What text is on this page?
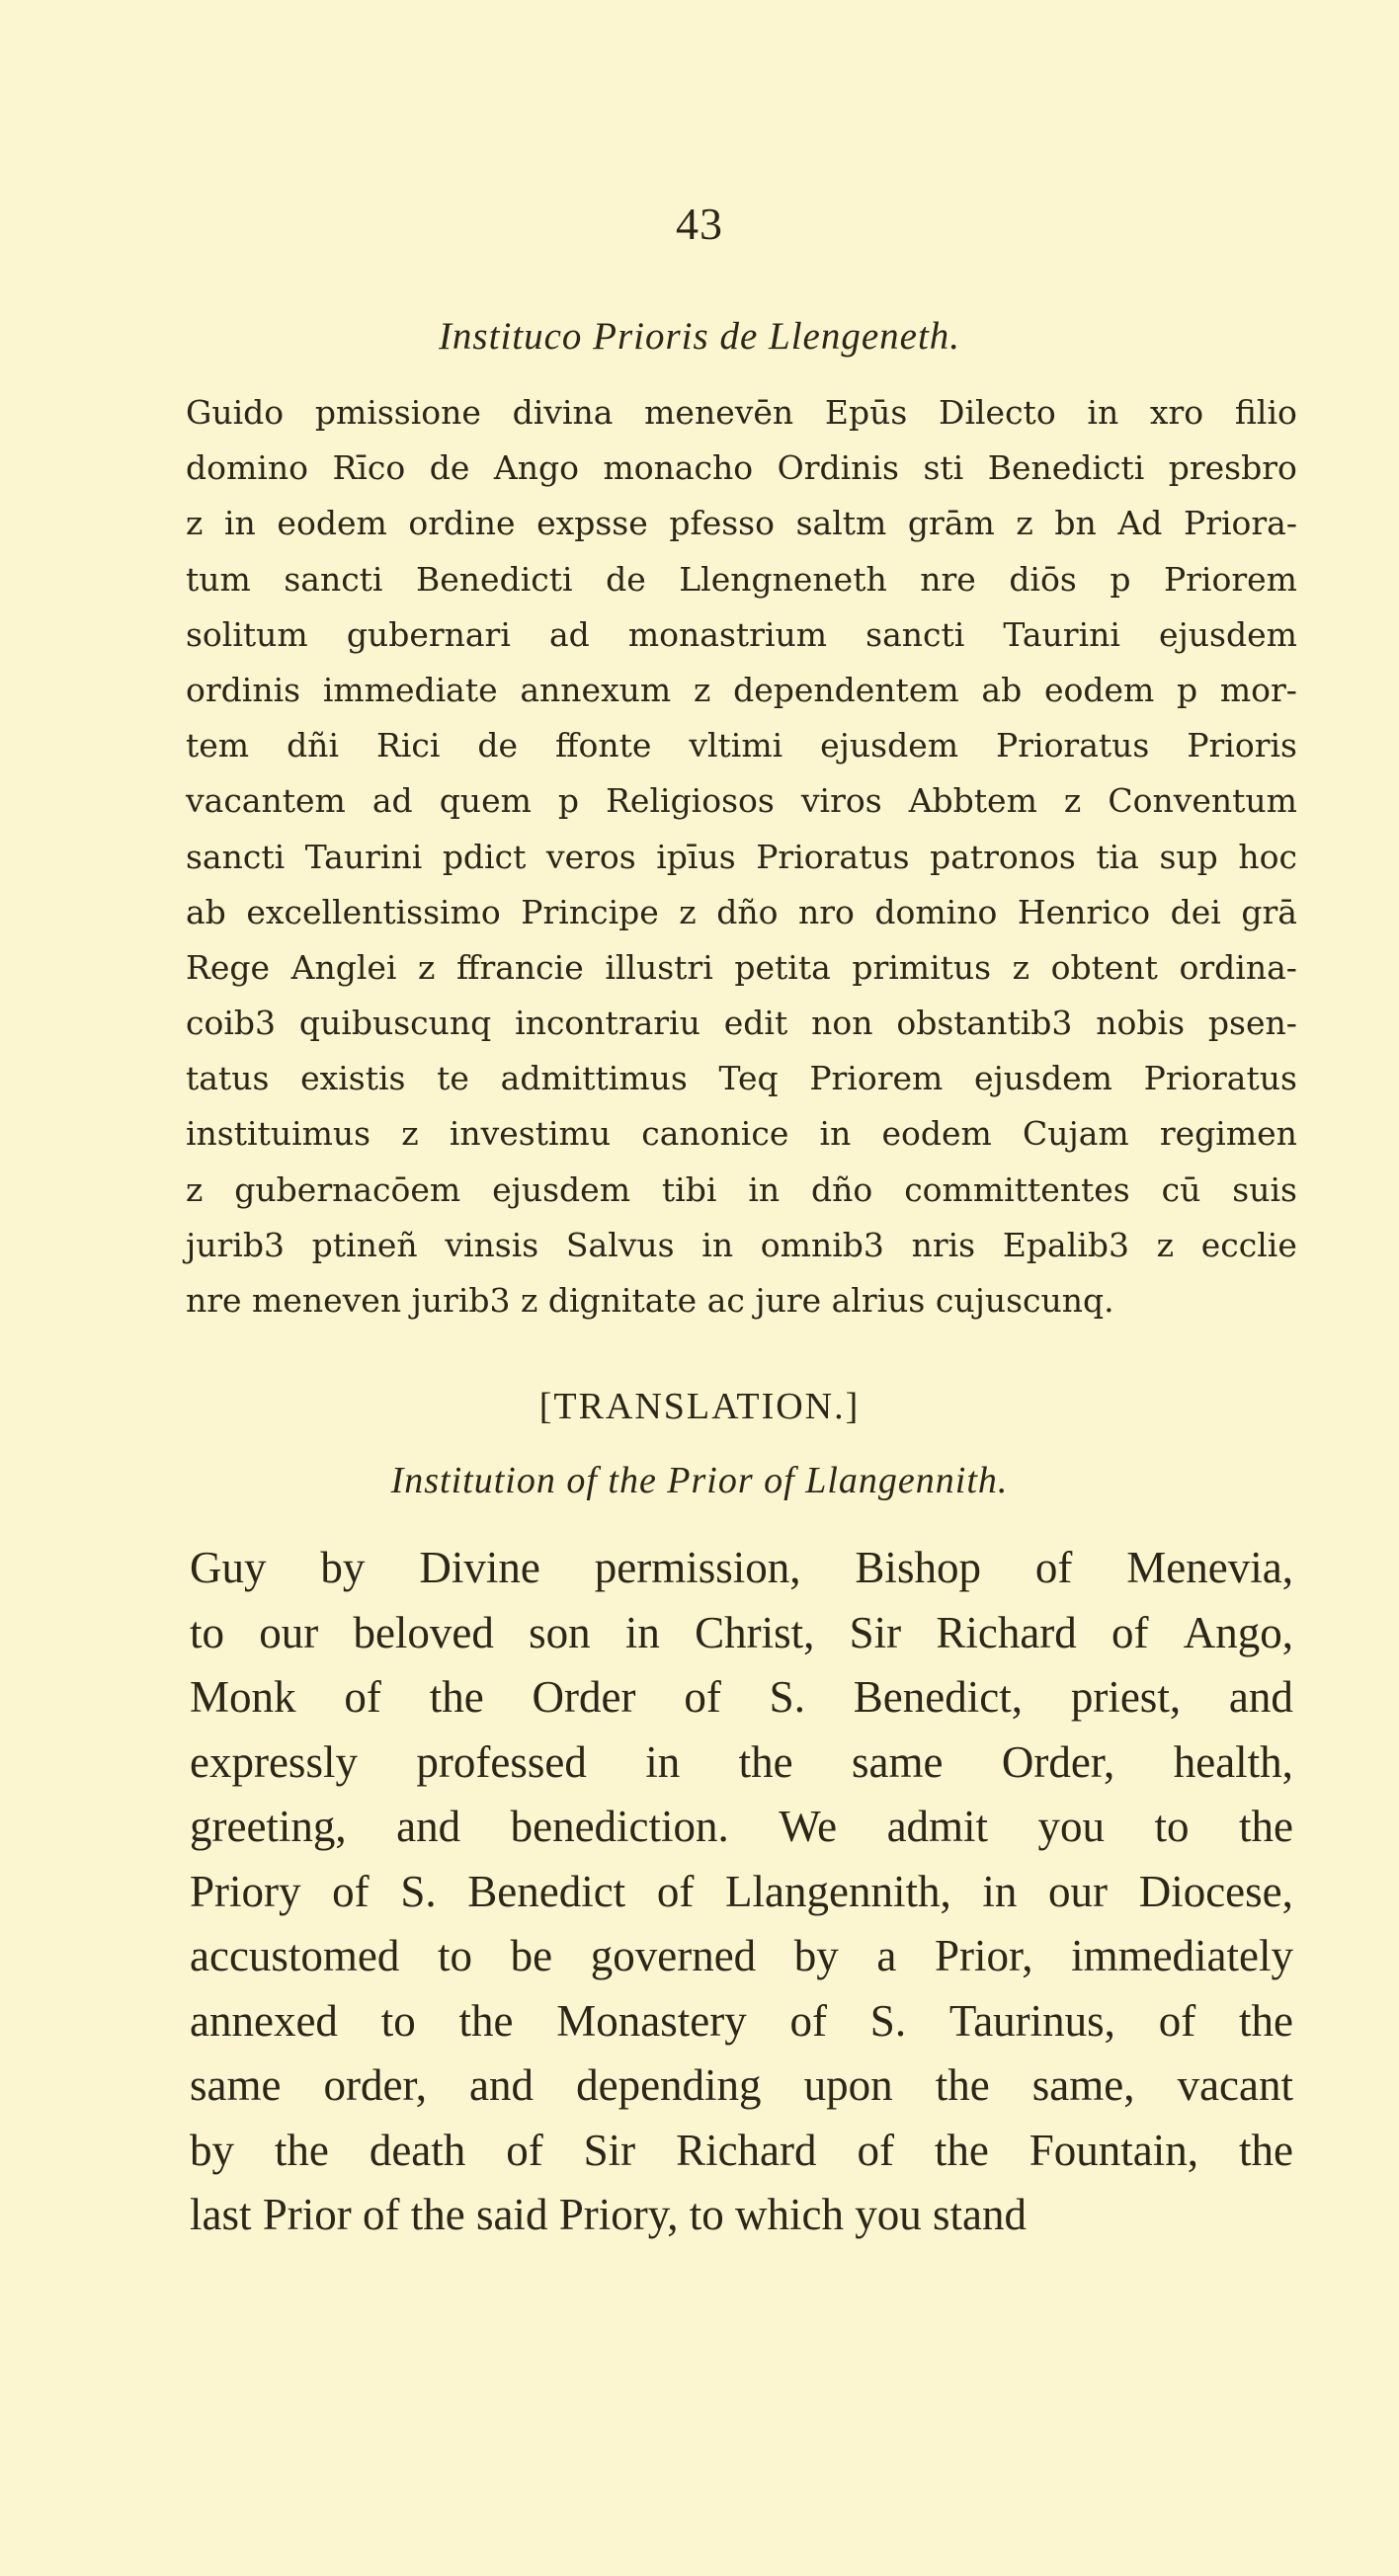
43
Instituco Prioris de Llengeneth.
Guido pmissione divina menevēn Epūs Dilecto in xro filio
domino Rīco de Ango monacho Ordinis sti Benedicti presbro
z in eodem ordine expsse pfesso saltm grām z bn Ad Priora-
tum sancti Benedicti de Llengneneth nre diōs p Priorem
solitum gubernari ad monastrium sancti Taurini ejusdem
ordinis immediate annexum z dependentem ab eodem p mor-
tem dñi Rici de ffonte vltimi ejusdem Prioratus Prioris
vacantem ad quem p Religiosos viros Abbtem z Conventum
sancti Taurini pdict veros ipīus Prioratus patronos tia sup hoc
ab excellentissimo Principe z dño nro domino Henrico dei grā
Rege Anglei z ffrancie illustri petita primitus z obtent ordina-
coib3 quibuscunq incontrariu edit non obstantib3 nobis psen-
tatus existis te admittimus Teq Priorem ejusdem Prioratus
instituimus z investimu canonice in eodem Cujam regimen
z gubernacōem ejusdem tibi in dño committentes cū suis
jurib3 ptineñ vinsis Salvus in omnib3 nris Epalib3 z ecclie
nre meneven jurib3 z dignitate ac jure alrius cujuscunq.
[TRANSLATION.]
Institution of the Prior of Llangennith.
Guy by Divine permission, Bishop of Menevia,
to our beloved son in Christ, Sir Richard of Ango,
Monk of the Order of S. Benedict, priest, and
expressly professed in the same Order, health,
greeting, and benediction. We admit you to the
Priory of S. Benedict of Llangennith, in our Diocese,
accustomed to be governed by a Prior, immediately
annexed to the Monastery of S. Taurinus, of the
same order, and depending upon the same, vacant
by the death of Sir Richard of the Fountain, the
last Prior of the said Priory, to which you stand
